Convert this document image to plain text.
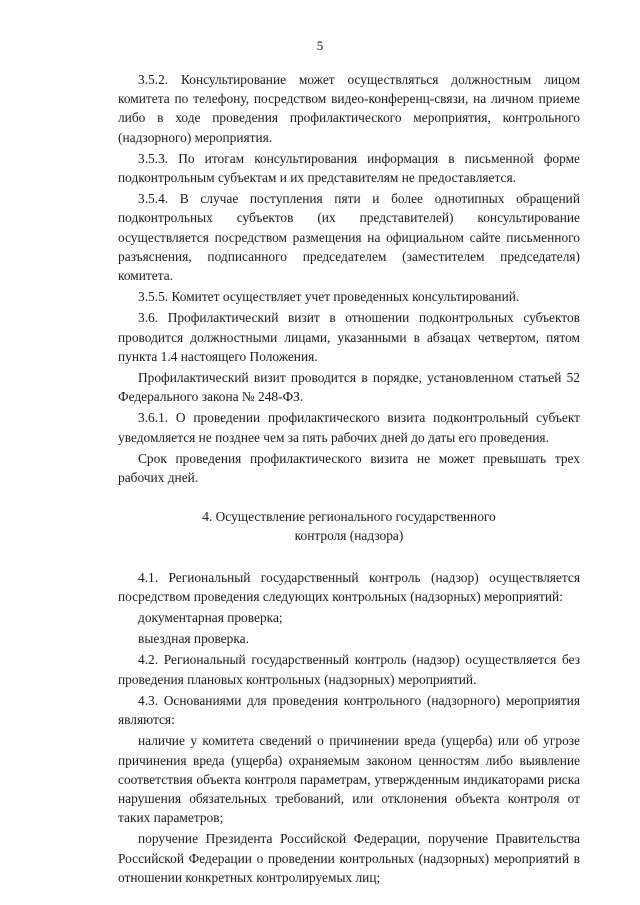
5

3.5.2. Консультирование может осуществляться должностным лицом комитета по телефону, посредством видео-конференц-связи, на личном приеме либо в ходе проведения профилактического мероприятия, контрольного (надзорного) мероприятия.

3.5.3. По итогам консультирования информация в письменной форме подконтрольным субъектам и их представителям не предоставляется.

3.5.4. В случае поступления пяти и более однотипных обращений подконтрольных субъектов (их представителей) консультирование осуществляется посредством размещения на официальном сайте письменного разъяснения, подписанного председателем (заместителем председателя) комитета.

3.5.5. Комитет осуществляет учет проведенных консультирований.

3.6. Профилактический визит в отношении подконтрольных субъектов проводится должностными лицами, указанными в абзацах четвертом, пятом пункта 1.4 настоящего Положения.

Профилактический визит проводится в порядке, установленном статьей 52 Федерального закона № 248-ФЗ.

3.6.1. О проведении профилактического визита подконтрольный субъект уведомляется не позднее чем за пять рабочих дней до даты его проведения.

Срок проведения профилактического визита не может превышать трех рабочих дней.

4. Осуществление регионального государственного
контроля (надзора)

4.1. Региональный государственный контроль (надзор) осуществляется посредством проведения следующих контрольных (надзорных) мероприятий:

документарная проверка;

выездная проверка.

4.2. Региональный государственный контроль (надзор) осуществляется без проведения плановых контрольных (надзорных) мероприятий.

4.3. Основаниями для проведения контрольного (надзорного) мероприятия являются:

наличие у комитета сведений о причинении вреда (ущерба) или об угрозе причинения вреда (ущерба) охраняемым законом ценностям либо выявление соответствия объекта контроля параметрам, утвержденным индикаторами риска нарушения обязательных требований, или отклонения объекта контроля от таких параметров;

поручение Президента Российской Федерации, поручение Правительства Российской Федерации о проведении контрольных (надзорных) мероприятий в отношении конкретных контролируемых лиц;
